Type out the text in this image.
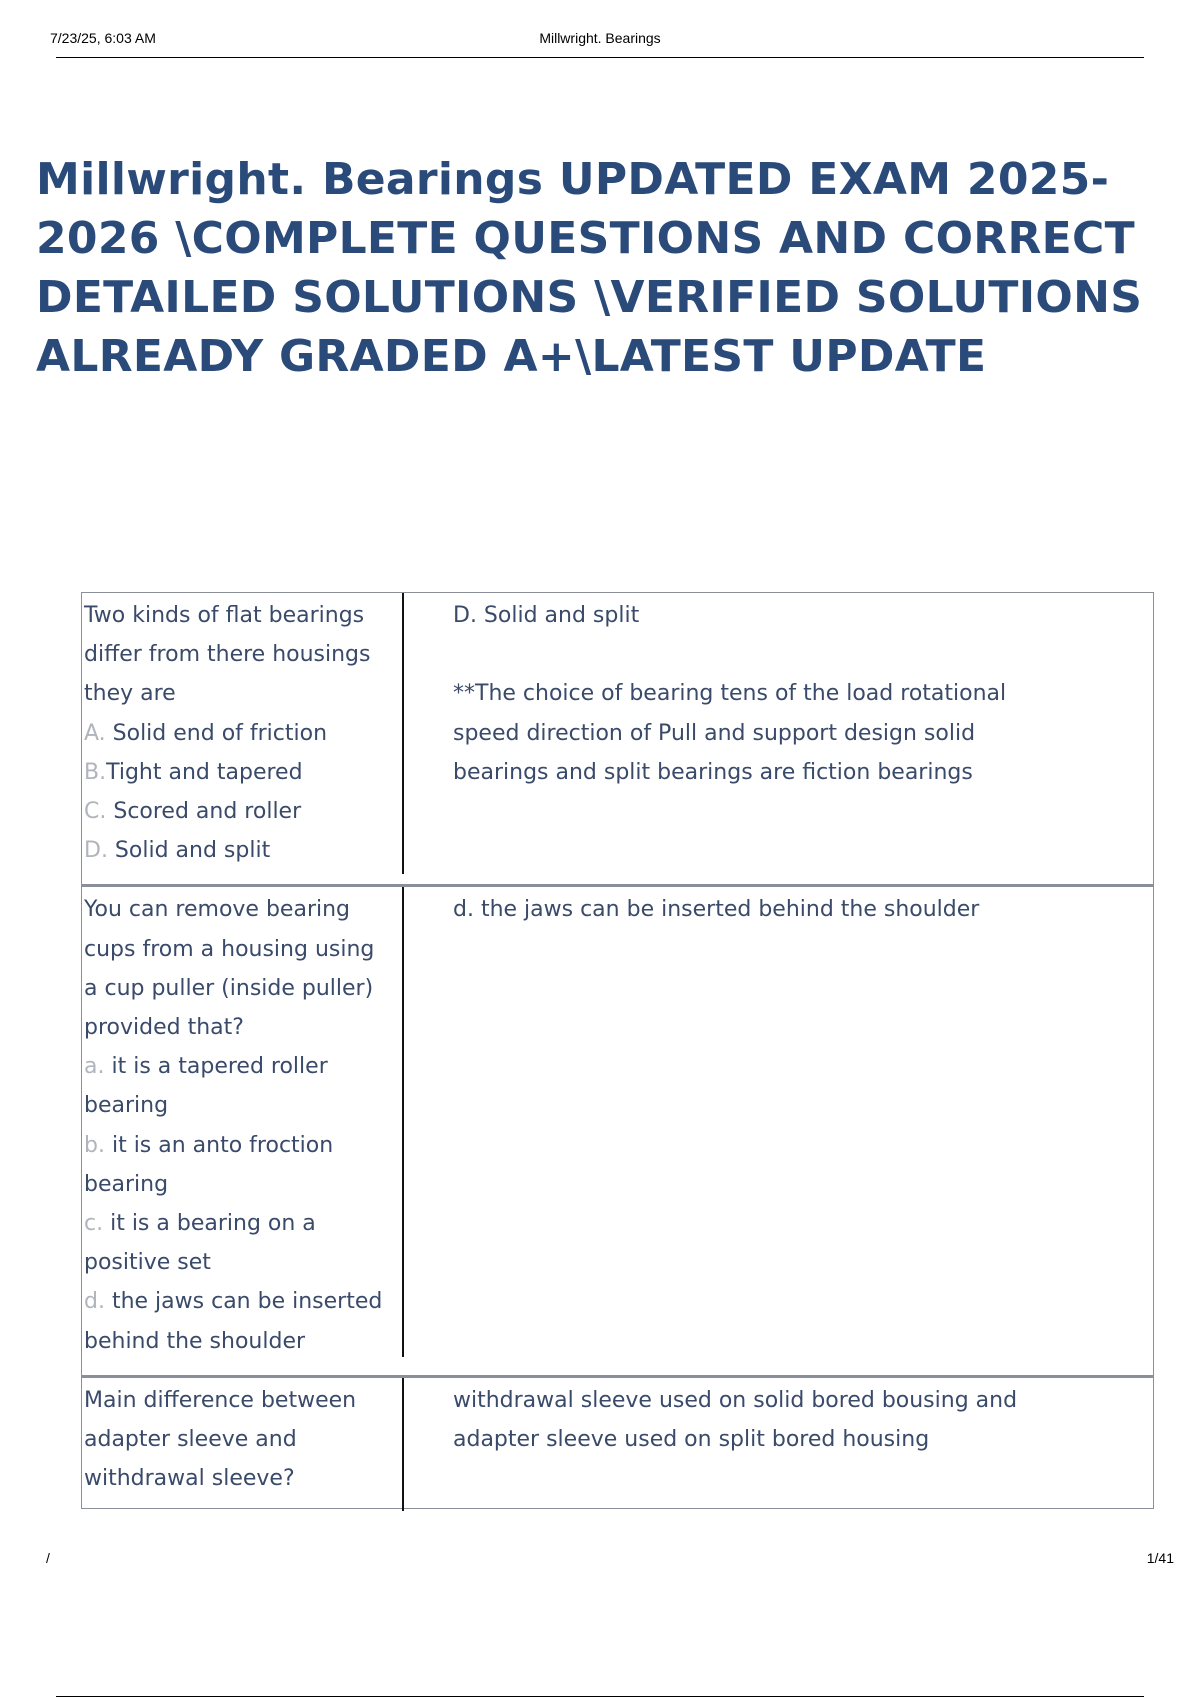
7/23/25, 6:03 AM	Millwright. Bearings
Millwright. Bearings UPDATED EXAM 2025-2026 \COMPLETE QUESTIONS AND CORRECT DETAILED SOLUTIONS \VERIFIED SOLUTIONS ALREADY GRADED A+\LATEST UPDATE
Two kinds of flat bearings
differ from there housings
they are
A. Solid end of friction
B.Tight and tapered
C. Scored and roller
D. Solid and split
D. Solid and split
**The choice of bearing tens of the load rotational
speed direction of Pull and support design solid
bearings and split bearings are fiction bearings
You can remove bearing
cups from a housing using
a cup puller (inside puller)
provided that?
a. it is a tapered roller
bearing
b. it is an anto froction
bearing
c. it is a bearing on a
positive set
d. the jaws can be inserted
behind the shoulder
d. the jaws can be inserted behind the shoulder
Main difference between
adapter sleeve and
withdrawal sleeve?
withdrawal sleeve used on solid bored bousing and
adapter sleeve used on split bored housing
/	1/41
